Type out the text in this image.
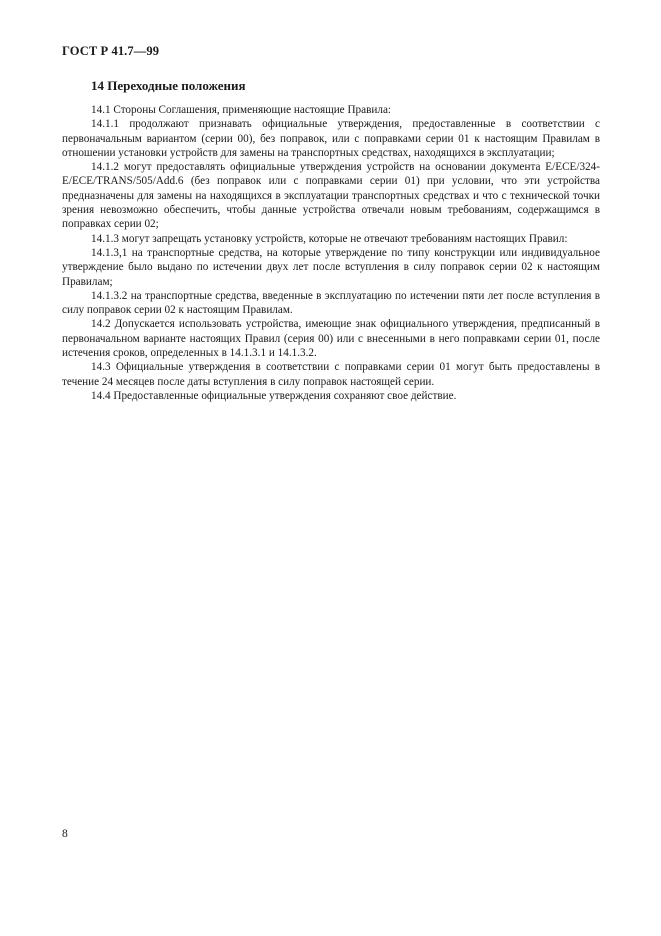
ГОСТ Р 41.7—99
14 Переходные положения

14.1 Стороны Соглашения, применяющие настоящие Правила:

14.1.1 продолжают признавать официальные утверждения, предоставленные в соответствии с первоначальным вариантом (серии 00), без поправок, или с поправками серии 01 к настоящим Правилам в отношении установки устройств для замены на транспортных средствах, находящихся в эксплуатации;

14.1.2 могут предоставлять официальные утверждения устройств на основании документа E/ECE/324-E/ECE/TRANS/505/Add.6 (без поправок или с поправками серии 01) при условии, что эти устройства предназначены для замены на находящихся в эксплуатации транспортных средствах и что с технической точки зрения невозможно обеспечить, чтобы данные устройства отвечали новым требованиям, содержащимся в поправках серии 02;

14.1.3 могут запрещать установку устройств, которые не отвечают требованиям настоящих Правил:

14.1.3,1 на транспортные средства, на которые утверждение по типу конструкции или индивидуальное утверждение было выдано по истечении двух лет после вступления в силу поправок серии 02 к настоящим Правилам;

14.1.3.2 на транспортные средства, введенные в эксплуатацию по истечении пяти лет после вступления в силу поправок серии 02 к настоящим Правилам.

14.2 Допускается использовать устройства, имеющие знак официального утверждения, предписанный в первоначальном варианте настоящих Правил (серия 00) или с внесенными в него поправками серии 01, после истечения сроков, определенных в 14.1.3.1 и 14.1.3.2.

14.3 Официальные утверждения в соответствии с поправками серии 01 могут быть предоставлены в течение 24 месяцев после даты вступления в силу поправок настоящей серии.

14.4 Предоставленные официальные утверждения сохраняют свое действие.

8
